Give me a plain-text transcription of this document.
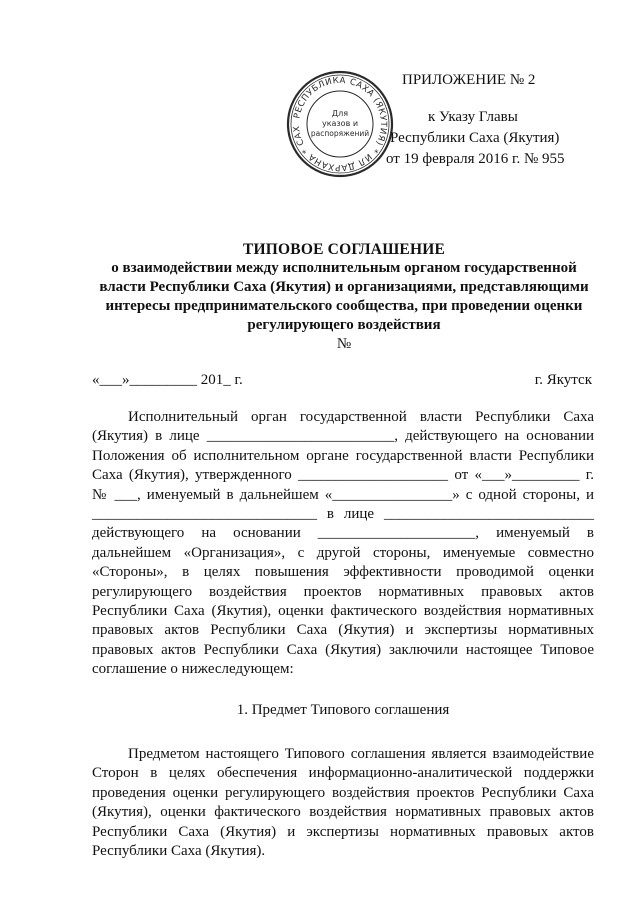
РЕСПУБЛИКА САХА (ЯКУТИЯ) * ИЛ ДАРХАНА * САХ
Для
указов и
распоряжений
ПРИЛОЖЕНИЕ № 2
к Указу Главы
Республики Саха (Якутия)
от 19 февраля 2016 г. № 955
ТИПОВОЕ СОГЛАШЕНИЕ
о взаимодействии между исполнительным органом государственной власти Республики Саха (Якутия) и организациями, представляющими интересы предпринимательского сообщества, при проведении оценки регулирующего воздействия
№
«___»_________ 201_ г.	г. Якутск

Исполнительный орган государственной власти Республики Саха (Якутия) в лице _________________________, действующего на основании Положения об исполнительном органе государственной власти Республики Саха (Якутия), утвержденного ____________________ от «___»_________ г. № ___, именуемый в дальнейшем «________________» с одной стороны, и ______________________________ в лице ____________________________ действующего на основании _____________________, именуемый в дальнейшем «Организация», с другой стороны, именуемые совместно «Стороны», в целях повышения эффективности проводимой оценки регулирующего воздействия проектов нормативных правовых актов Республики Саха (Якутия), оценки фактического воздействия нормативных правовых актов Республики Саха (Якутия) и экспертизы нормативных правовых актов Республики Саха (Якутия) заключили настоящее Типовое соглашение о нижеследующем:

1. Предмет Типового соглашения

Предметом настоящего Типового соглашения является взаимодействие Сторон в целях обеспечения информационно-аналитической поддержки проведения оценки регулирующего воздействия проектов Республики Саха (Якутия), оценки фактического воздействия нормативных правовых актов Республики Саха (Якутия) и экспертизы нормативных правовых актов Республики Саха (Якутия).
